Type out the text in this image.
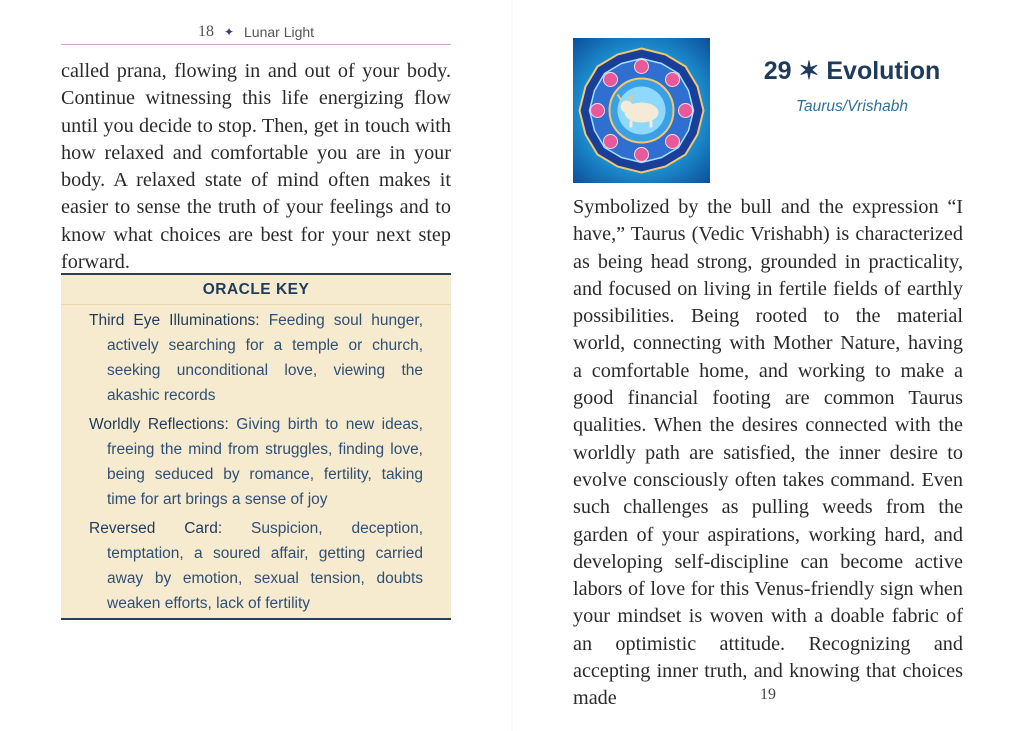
18 ✦ Lunar Light

called prana, flowing in and out of your body. Continue witnessing this life energizing flow until you decide to stop. Then, get in touch with how relaxed and comfortable you are in your body. A relaxed state of mind often makes it easier to sense the truth of your feelings and to know what choices are best for your next step forward.

ORACLE KEY

Third Eye Illuminations: Feeding soul hunger, actively searching for a temple or church, seeking unconditional love, viewing the akashic records

Worldly Reflections: Giving birth to new ideas, freeing the mind from struggles, finding love, being seduced by romance, fertility, taking time for art brings a sense of joy

Reversed Card: Suspicion, deception, temptation, a soured affair, getting carried away by emotion, sexual tension, doubts weaken efforts, lack of fertility

29 ✶ Evolution
Taurus/Vrishabh

Symbolized by the bull and the expression “I have,” Taurus (Vedic Vrishabh) is characterized as being head strong, grounded in practicality, and focused on living in fertile fields of earthly possibilities. Being rooted to the material world, connecting with Mother Nature, having a comfortable home, and working to make a good financial footing are common Taurus qualities. When the desires connected with the worldly path are satisfied, the inner desire to evolve consciously often takes command. Even such challenges as pulling weeds from the garden of your aspirations, working hard, and developing self-discipline can become active labors of love for this Venus-friendly sign when your mindset is woven with a doable fabric of an optimistic attitude. Recognizing and accepting inner truth, and knowing that choices made	19
